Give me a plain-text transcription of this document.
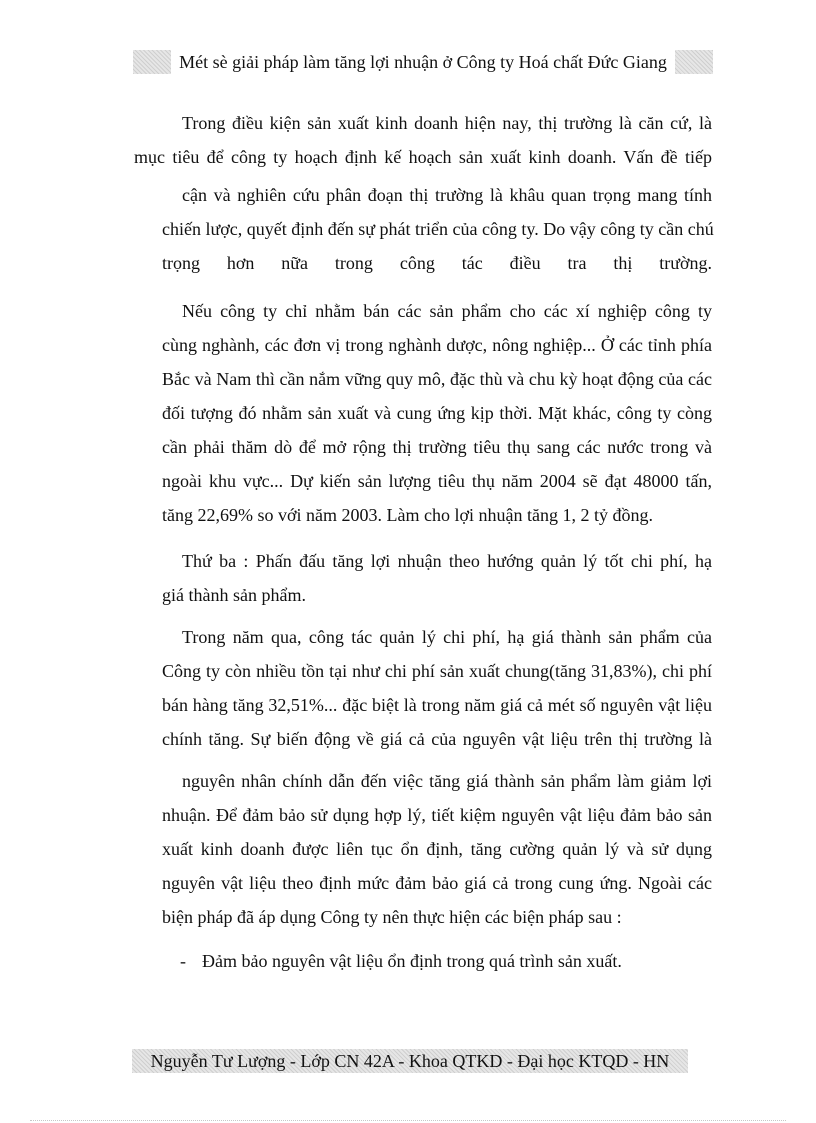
Mét sè giải pháp làm tăng lợi nhuận ở Công ty Hoá chất Đức Giang
Trong điều kiện sản xuất kinh doanh hiện nay, thị trường là căn cứ, là
mục tiêu để công ty hoạch định kế hoạch sản xuất kinh doanh. Vấn đề tiếp
cận và nghiên cứu phân đoạn thị trường là khâu quan trọng mang tính
chiến lược, quyết định đến sự phát triển của công ty. Do vậy công ty cần chú
trọng hơn nữa trong công tác điều tra thị trường.
Nếu công ty chỉ nhằm bán các sản phẩm cho các xí nghiệp công ty
cùng nghành, các đơn vị trong nghành dược, nông nghiệp... Ở các tỉnh phía
Bắc và Nam thì cần nắm vững quy mô, đặc thù và chu kỳ hoạt động của các
đối tượng đó nhằm sản xuất và cung ứng kịp thời. Mặt khác, công ty còng
cần phải thăm dò để mở rộng thị trường tiêu thụ sang các nước trong và
ngoài khu vực... Dự kiến sản lượng tiêu thụ năm 2004 sẽ đạt 48000 tấn,
tăng 22,69% so với năm 2003. Làm cho lợi nhuận tăng 1, 2 tỷ đồng.
Thứ ba : Phấn đấu tăng lợi nhuận theo hướng quản lý tốt chi phí, hạ
giá thành sản phẩm.
Trong năm qua, công tác quản lý chi phí, hạ giá thành sản phẩm của
Công ty còn nhiều tồn tại như chi phí sản xuất chung(tăng 31,83%), chi phí
bán hàng tăng 32,51%... đặc biệt là trong năm giá cả mét số nguyên vật liệu
chính tăng. Sự biến động về giá cả của nguyên vật liệu trên thị trường là
nguyên nhân chính dẫn đến việc tăng giá thành sản phẩm làm giảm lợi
nhuận. Để đảm bảo sử dụng hợp lý, tiết kiệm nguyên vật liệu đảm bảo sản
xuất kinh doanh được liên tục ổn định, tăng cường quản lý và sử dụng
nguyên vật liệu theo định mức đảm bảo giá cả trong cung ứng. Ngoài các
biện pháp đã áp dụng Công ty nên thực hiện các biện pháp sau :
- Đảm bảo nguyên vật liệu ổn định trong quá trình sản xuất.
Nguyễn Tư Lượng - Lớp CN 42A - Khoa QTKD - Đại học KTQD - HN
